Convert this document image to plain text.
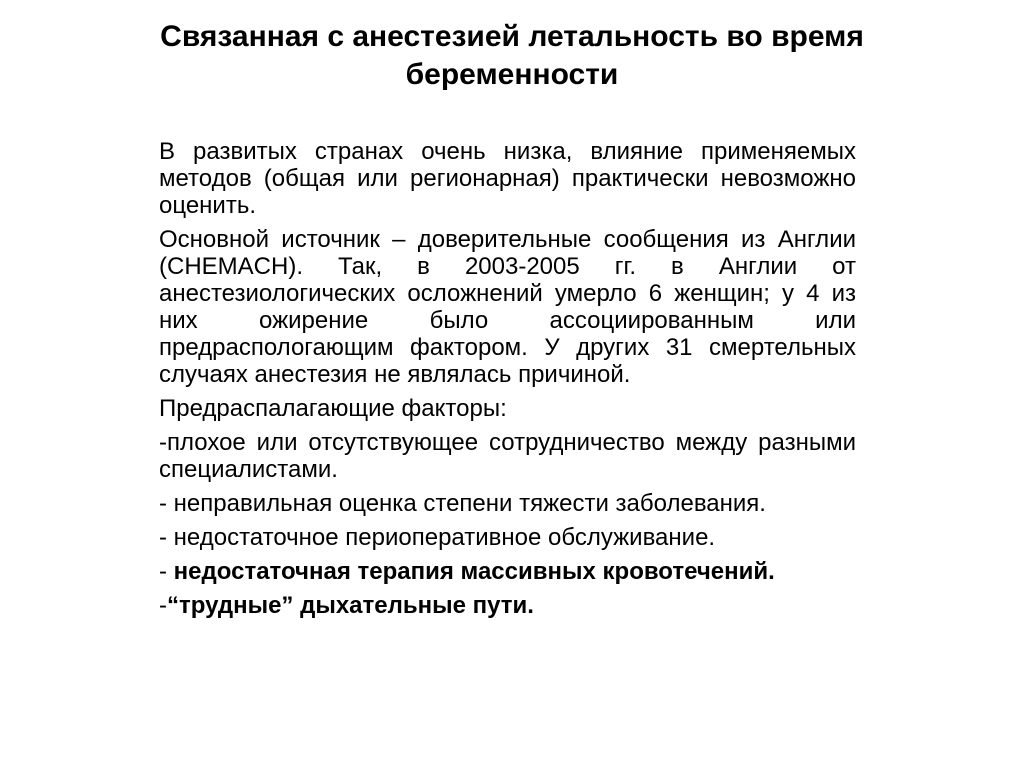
Связанная с анестезией летальность во время беременности

В развитых странах очень низка, влияние применяемых методов (общая или регионарная) практически невозможно оценить.

Основной источник – доверительные сообщения из Англии (CHEMACH). Так, в 2003-2005 гг. в Англии от анестезиологических осложнений умерло 6 женщин; у 4 из них ожирение было ассоциированным или предраспологающим фактором. У других 31 смертельных случаях анестезия не являлась причиной.

Предраспалагающие факторы:

-плохое или отсутствующее сотрудничество между разными специалистами.

- неправильная оценка степени тяжести заболевания.

- недостаточное периоперативное обслуживание.

- недостаточная терапия массивных кровотечений.

-“трудные” дыхательные пути.
